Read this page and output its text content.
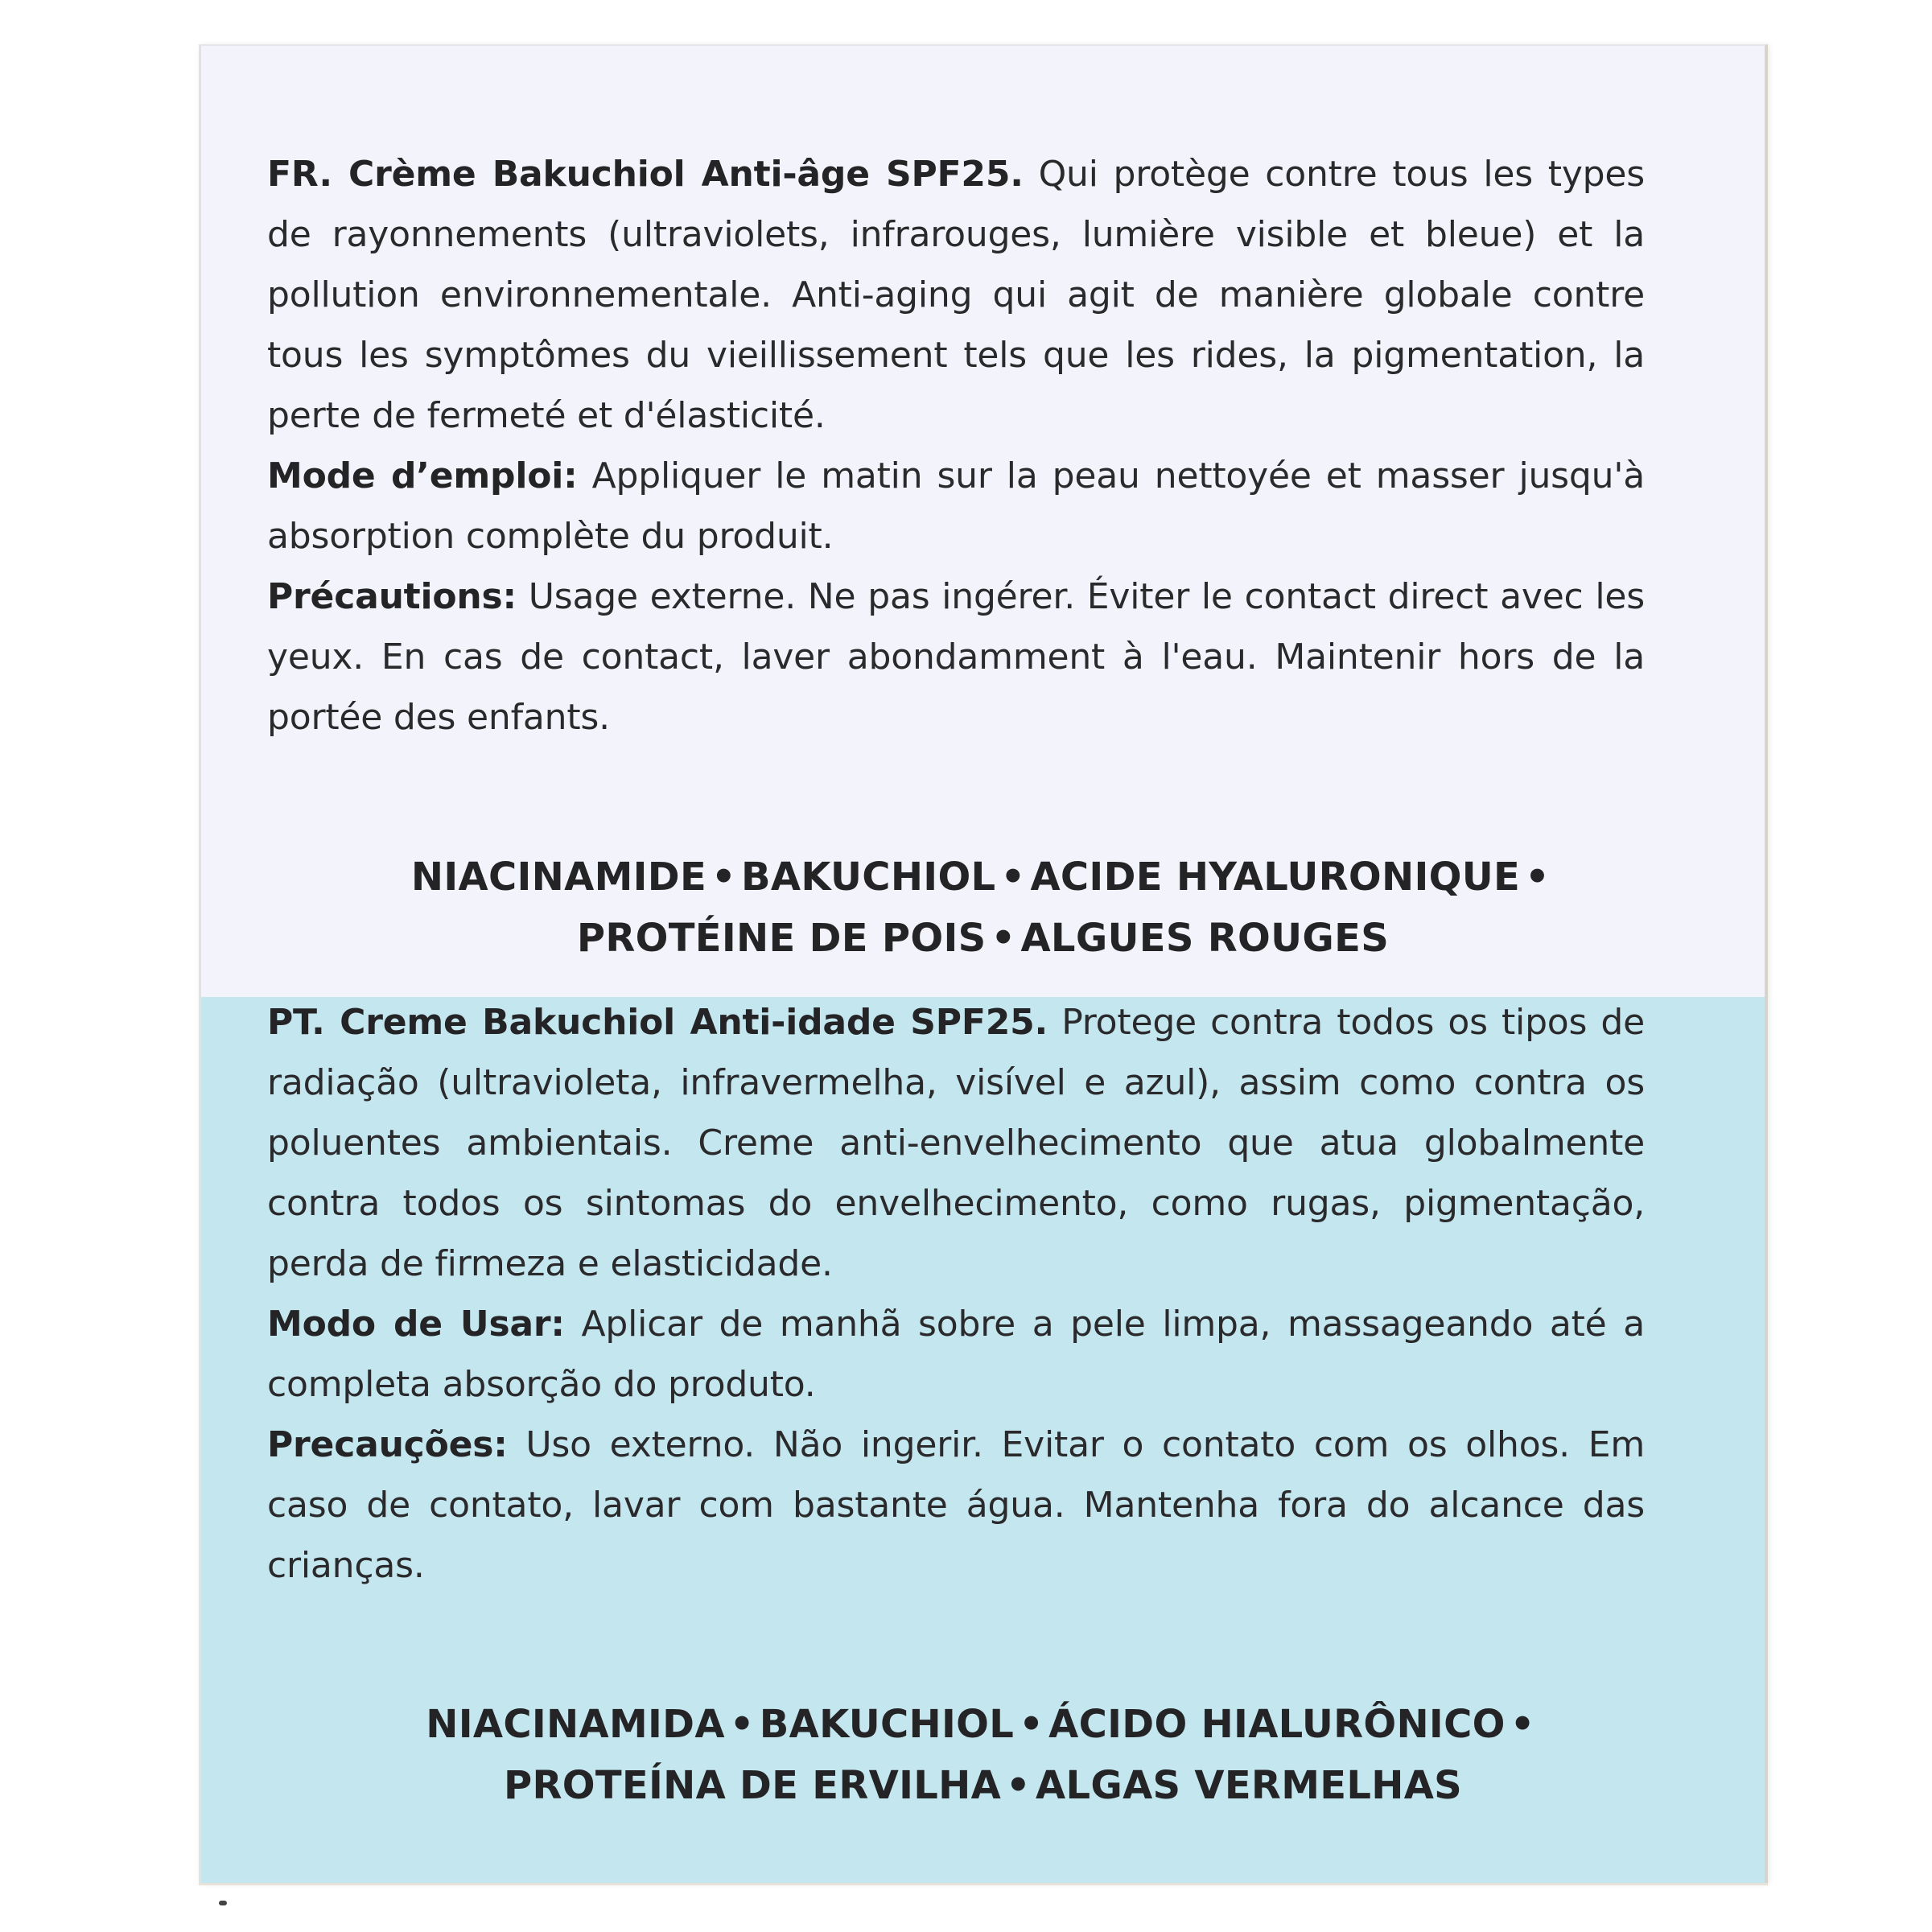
FR. Crème Bakuchiol Anti-âge SPF25. Qui protège contre tous les types de rayonnements (ultraviolets, infrarouges, lumière visible et bleue) et la pollution environnementale. Anti-aging qui agit de manière globale contre tous les symptômes du vieillissement tels que les rides, la pigmentation, la perte de fermeté et d'élasticité.

Mode d’emploi: Appliquer le matin sur la peau nettoyée et masser jusqu'à absorption complète du produit.

Précautions: Usage externe. Ne pas ingérer. Éviter le contact direct avec les yeux. En cas de contact, laver abondamment à l'eau. Maintenir hors de la portée des enfants.

NIACINAMIDE • BAKUCHIOL • ACIDE HYALURONIQUE •
PROTÉINE DE POIS • ALGUES ROUGES

PT. Creme Bakuchiol Anti-idade SPF25. Protege contra todos os tipos de radiação (ultravioleta, infravermelha, visível e azul), assim como contra os poluentes ambientais. Creme anti-envelhecimento que atua globalmente contra todos os sintomas do envelhecimento, como rugas, pigmentação, perda de firmeza e elasticidade.

Modo de Usar: Aplicar de manhã sobre a pele limpa, massageando até a completa absorção do produto.

Precauções: Uso externo. Não ingerir. Evitar o contato com os olhos. Em caso de contato, lavar com bastante água. Mantenha fora do alcance das crianças.

NIACINAMIDA • BAKUCHIOL • ÁCIDO HIALURÔNICO •
PROTEÍNA DE ERVILHA • ALGAS VERMELHAS
